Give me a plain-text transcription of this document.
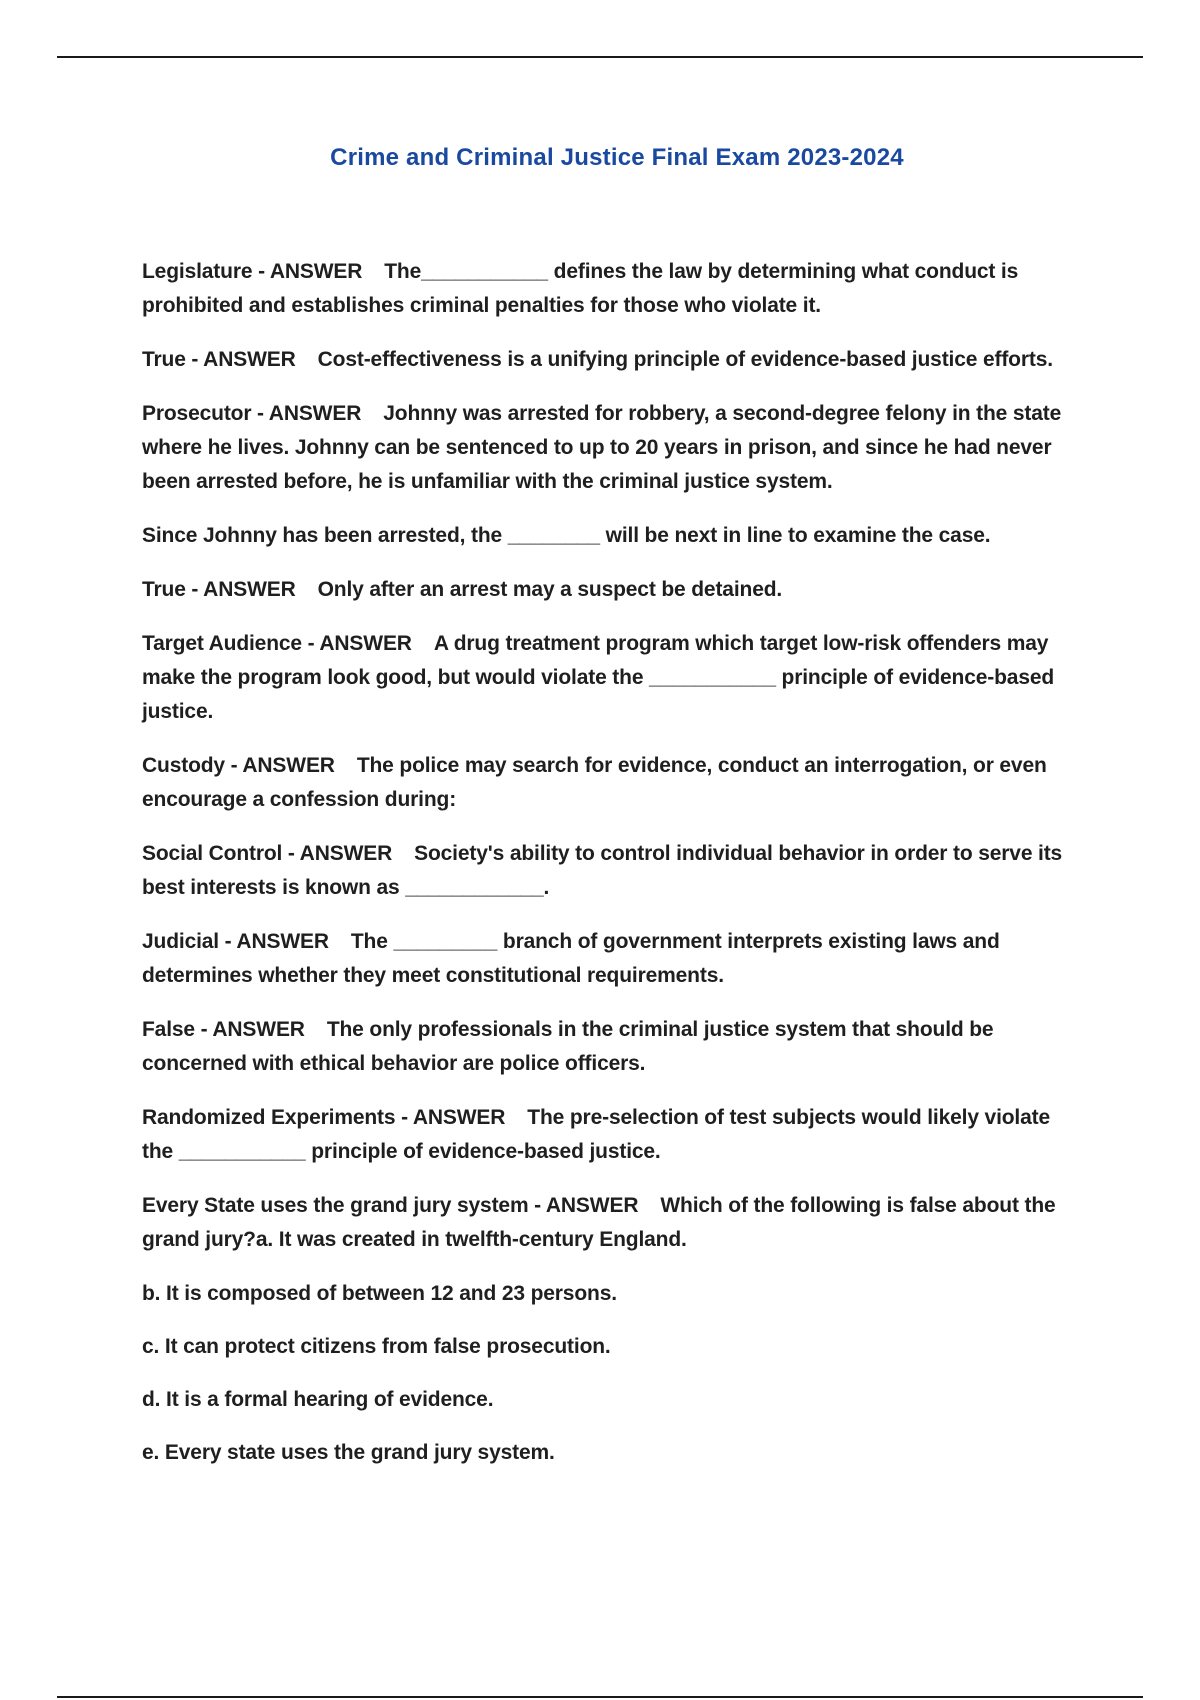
Crime and Criminal Justice Final Exam 2023-2024

Legislature - ANSWER The___________ defines the law by determining what conduct is prohibited and establishes criminal penalties for those who violate it.

True - ANSWER Cost-effectiveness is a unifying principle of evidence-based justice efforts.

Prosecutor - ANSWER Johnny was arrested for robbery, a second-degree felony in the state where he lives. Johnny can be sentenced to up to 20 years in prison, and since he had never been arrested before, he is unfamiliar with the criminal justice system.

Since Johnny has been arrested, the ________ will be next in line to examine the case.

True - ANSWER Only after an arrest may a suspect be detained.

Target Audience - ANSWER A drug treatment program which target low-risk offenders may make the program look good, but would violate the ___________ principle of evidence-based justice.

Custody - ANSWER The police may search for evidence, conduct an interrogation, or even encourage a confession during:

Social Control - ANSWER Society's ability to control individual behavior in order to serve its best interests is known as ____________.

Judicial - ANSWER The _________ branch of government interprets existing laws and determines whether they meet constitutional requirements.

False - ANSWER The only professionals in the criminal justice system that should be concerned with ethical behavior are police officers.

Randomized Experiments - ANSWER The pre-selection of test subjects would likely violate the ___________ principle of evidence-based justice.

Every State uses the grand jury system - ANSWER Which of the following is false about the grand jury?a. It was created in twelfth-century England.

b. It is composed of between 12 and 23 persons.

c. It can protect citizens from false prosecution.

d. It is a formal hearing of evidence.

e. Every state uses the grand jury system.
